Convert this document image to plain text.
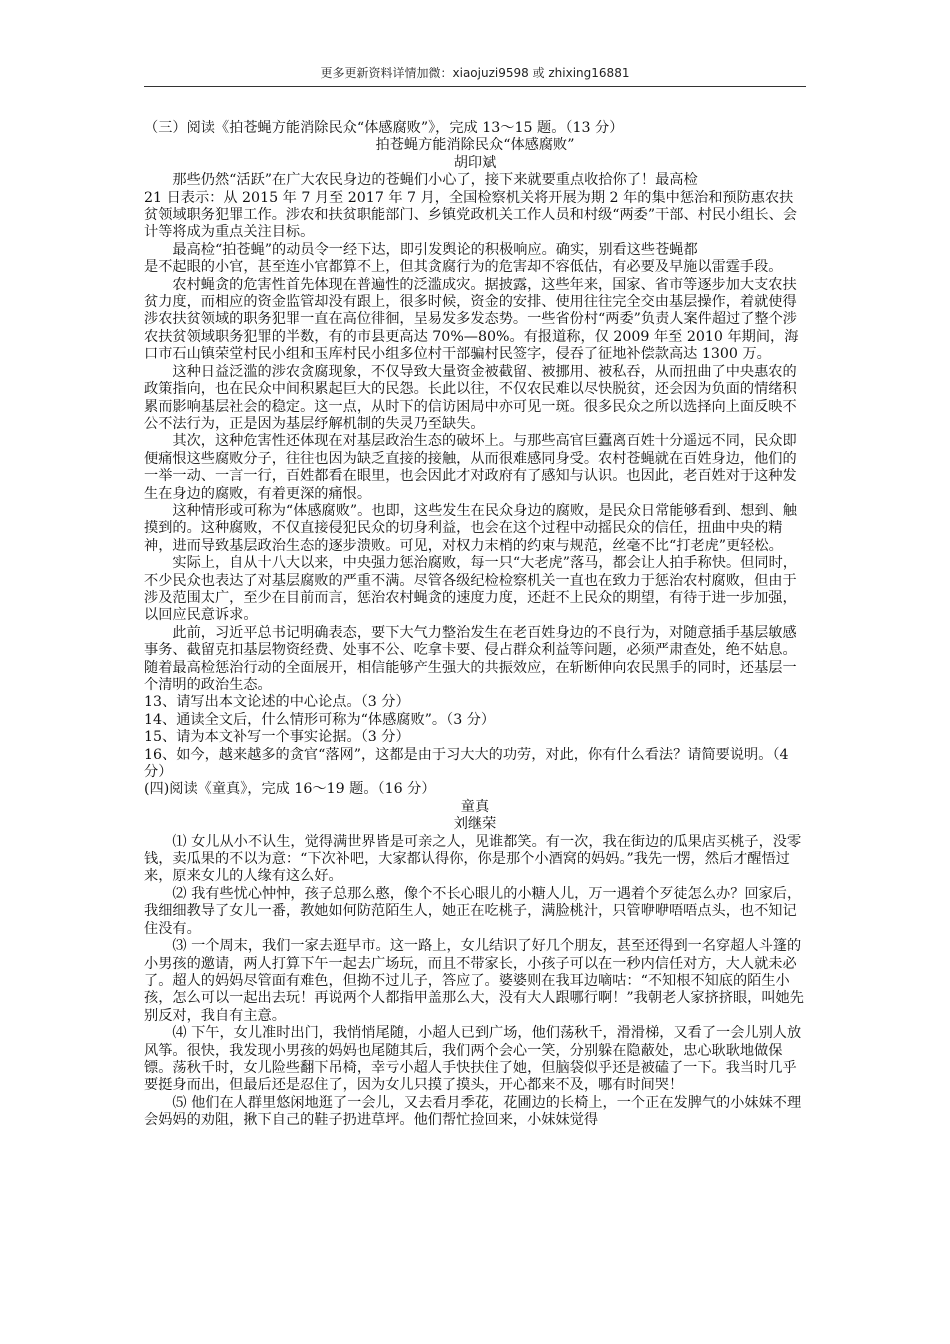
更多更新资料详情加微：xiaojuzi9598 或 zhixing16881

（三）阅读《拍苍蝇方能消除民众“体感腐败”》，完成 13～15 题。（13 分）

拍苍蝇方能消除民众“体感腐败”

胡印斌

那些仍然“活跃”在广大农民身边的苍蝇们小心了，接下来就要重点收拾你了！最高检

21 日表示：从 2015 年 7 月至 2017 年 7 月，全国检察机关将开展为期 2 年的集中惩治和预防惠农扶贫领域职务犯罪工作。涉农和扶贫职能部门、乡镇党政机关工作人员和村级“两委”干部、村民小组长、会计等将成为重点关注目标。

最高检“拍苍蝇”的动员令一经下达，即引发舆论的积极响应。确实，别看这些苍蝇都

是不起眼的小官，甚至连小官都算不上，但其贪腐行为的危害却不容低估，有必要及早施以雷霆手段。

农村蝇贪的危害性首先体现在普遍性的泛滥成灾。据披露，这些年来，国家、省市等逐步加大支农扶贫力度，而相应的资金监管却没有跟上，很多时候，资金的安排、使用往往完全交由基层操作，着就使得涉农扶贫领域的职务犯罪一直在高位徘徊，呈易发多发态势。一些省份村“两委”负责人案件超过了整个涉农扶贫领域职务犯罪的半数，有的市县更高达 70%—80%。有报道称，仅 2009 年至 2010 年期间，海口市石山镇荣堂村民小组和玉库村民小组多位村干部骗村民签字，侵吞了征地补偿款高达 1300 万。

这种日益泛滥的涉农贪腐现象，不仅导致大量资金被截留、被挪用、被私吞，从而扭曲了中央惠农的政策指向，也在民众中间积累起巨大的民怨。长此以往，不仅农民难以尽快脱贫，还会因为负面的情绪积累而影响基层社会的稳定。这一点，从时下的信访困局中亦可见一斑。很多民众之所以选择向上面反映不公不法行为，正是因为基层纾解机制的失灵乃至缺失。

其次，这种危害性还体现在对基层政治生态的破坏上。与那些高官巨蠹离百姓十分遥远不同，民众即便痛恨这些腐败分子，往往也因为缺乏直接的接触，从而很难感同身受。农村苍蝇就在百姓身边，他们的一举一动、一言一行，百姓都看在眼里，也会因此才对政府有了感知与认识。也因此，老百姓对于这种发生在身边的腐败，有着更深的痛恨。

这种情形或可称为“体感腐败”。也即，这些发生在民众身边的腐败，是民众日常能够看到、想到、触摸到的。这种腐败，不仅直接侵犯民众的切身利益，也会在这个过程中动摇民众的信任，扭曲中央的精神，进而导致基层政治生态的逐步溃败。可见，对权力末梢的约束与规范，丝毫不比“打老虎”更轻松。

实际上，自从十八大以来，中央强力惩治腐败，每一只“大老虎”落马，都会让人拍手称快。但同时，不少民众也表达了对基层腐败的严重不满。尽管各级纪检检察机关一直也在致力于惩治农村腐败，但由于涉及范围太广，至少在目前而言，惩治农村蝇贪的速度力度，还赶不上民众的期望，有待于进一步加强，以回应民意诉求。

此前，习近平总书记明确表态，要下大气力整治发生在老百姓身边的不良行为，对随意插手基层敏感事务、截留克扣基层物资经费、处事不公、吃拿卡要、侵占群众利益等问题，必须严肃查处，绝不姑息。随着最高检惩治行动的全面展开，相信能够产生强大的共振效应，在斩断伸向农民黑手的同时，还基层一个清明的政治生态。

13、请写出本文论述的中心论点。（3 分）

14、通读全文后，什么情形可称为“体感腐败”。（3 分）

15、请为本文补写一个事实论据。（3 分）

16、如今，越来越多的贪官“落网”，这都是由于习大大的功劳，对此，你有什么看法？请简要说明。（4 分）

(四)阅读《童真》，完成 16～19 题。（16 分）

童真

刘继荣

⑴ 女儿从小不认生，觉得满世界皆是可亲之人，见谁都笑。有一次，我在街边的瓜果店买桃子，没零钱，卖瓜果的不以为意：“下次补吧，大家都认得你，你是那个小酒窝的妈妈。”我先一愣，然后才醒悟过来，原来女儿的人缘有这么好。

⑵ 我有些忧心忡忡，孩子总那么憨，像个不长心眼儿的小糖人儿，万一遇着个歹徒怎么办？回家后，我细细教导了女儿一番，教她如何防范陌生人，她正在吃桃子，满脸桃汁，只管咿咿唔唔点头，也不知记住没有。

⑶ 一个周末，我们一家去逛早市。这一路上，女儿结识了好几个朋友，甚至还得到一名穿超人斗篷的小男孩的邀请，两人打算下午一起去广场玩，而且不带家长，小孩子可以在一秒内信任对方，大人就未必了。超人的妈妈尽管面有难色，但拗不过儿子，答应了。婆婆则在我耳边嘀咕：“不知根不知底的陌生小孩，怎么可以一起出去玩！再说两个人都指甲盖那么大，没有大人跟哪行啊！”我朝老人家挤挤眼，叫她先别反对，我自有主意。

⑷ 下午，女儿准时出门，我悄悄尾随，小超人已到广场，他们荡秋千，滑滑梯，又看了一会儿别人放风筝。很快，我发现小男孩的妈妈也尾随其后，我们两个会心一笑，分别躲在隐蔽处，忠心耿耿地做保镖。荡秋千时，女儿险些翻下吊椅，幸亏小超人手快扶住了她，但脑袋似乎还是被磕了一下。我当时几乎要挺身而出，但最后还是忍住了，因为女儿只摸了摸头，开心都来不及，哪有时间哭！

⑸ 他们在人群里悠闲地逛了一会儿，又去看月季花，花圃边的长椅上，一个正在发脾气的小妹妹不理会妈妈的劝阻，揪下自己的鞋子扔进草坪。他们帮忙捡回来，小妹妹觉得
